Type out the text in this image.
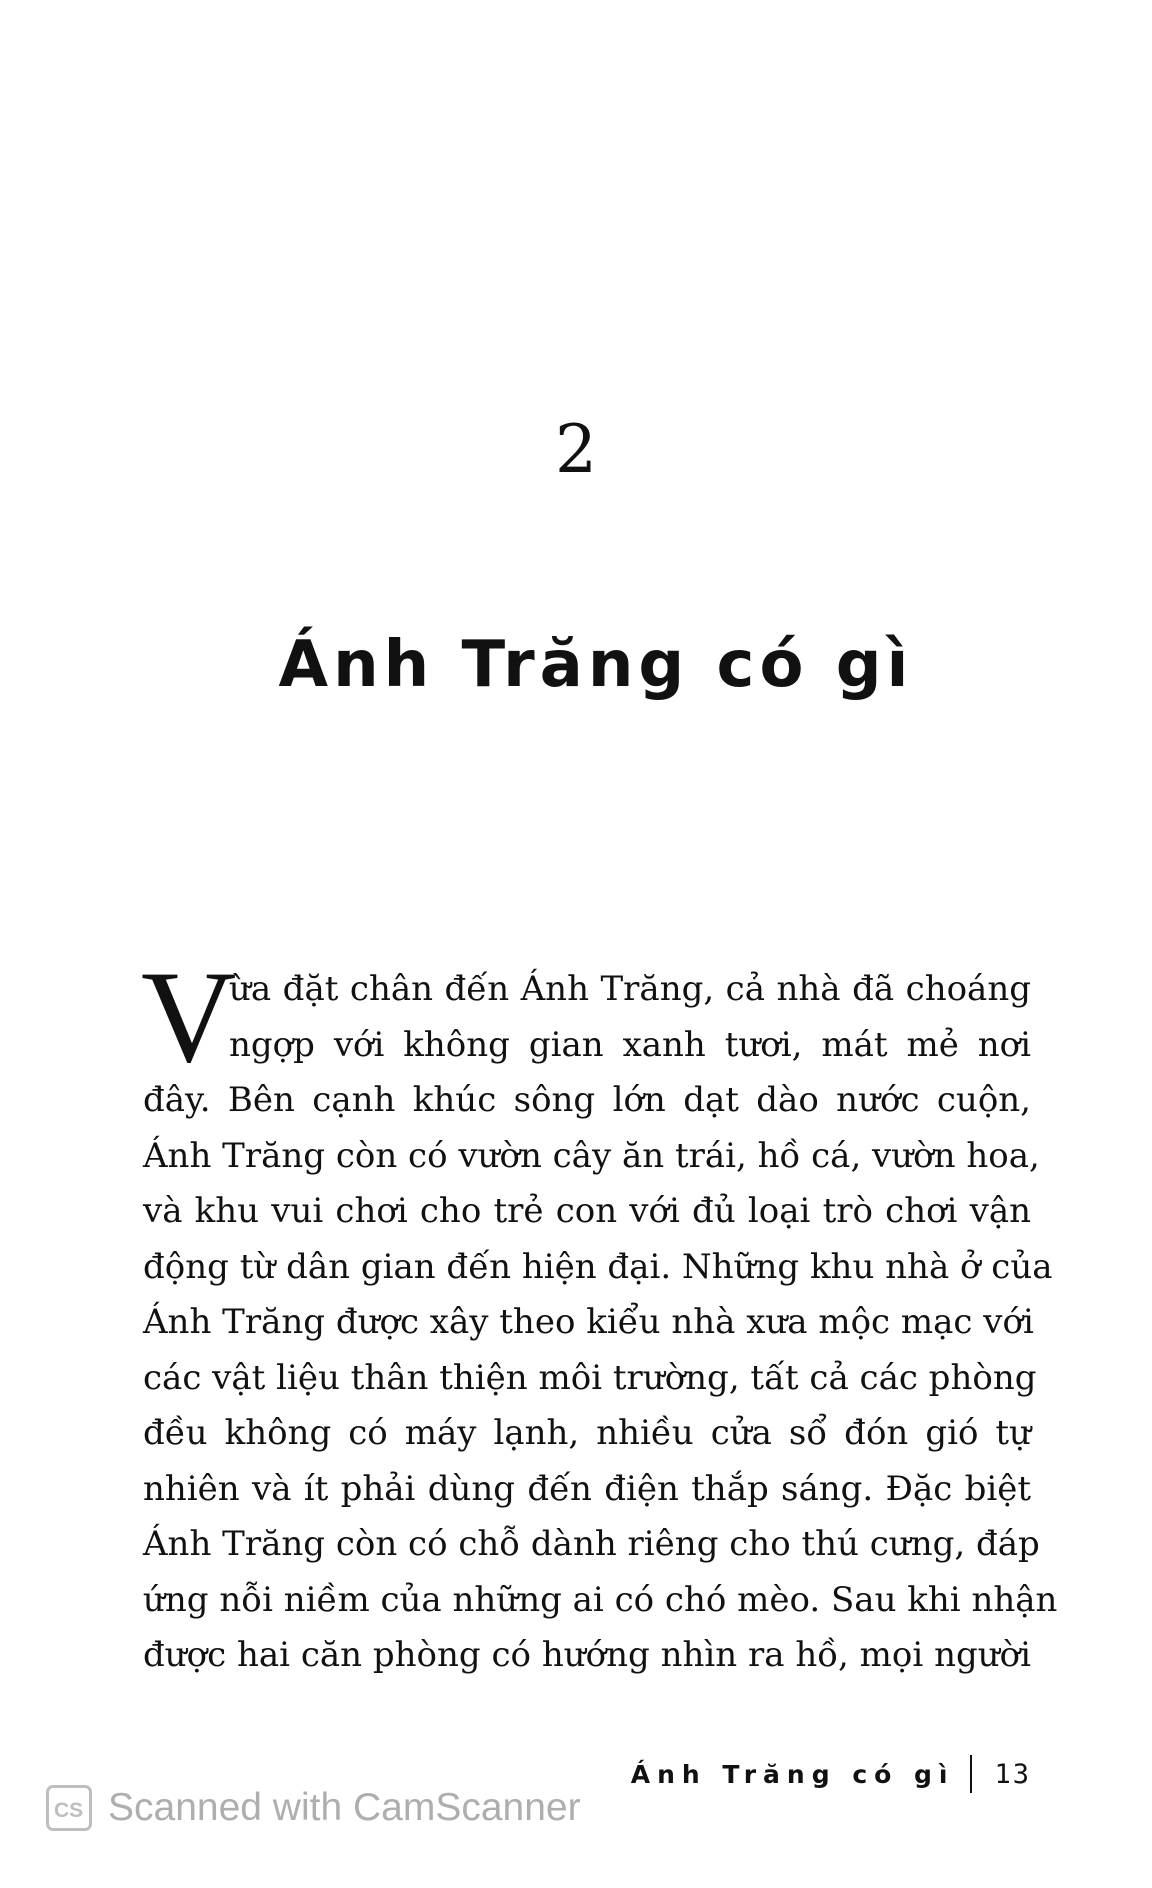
2
Ánh Trăng có gì
V
ừa đặt chân đến Ánh Trăng, cả nhà đã choáng
ngợp với không gian xanh tươi, mát mẻ nơi
đây. Bên cạnh khúc sông lớn dạt dào nước cuộn,
Ánh Trăng còn có vườn cây ăn trái, hồ cá, vườn hoa,
và khu vui chơi cho trẻ con với đủ loại trò chơi vận
động từ dân gian đến hiện đại. Những khu nhà ở của
Ánh Trăng được xây theo kiểu nhà xưa mộc mạc với
các vật liệu thân thiện môi trường, tất cả các phòng
đều không có máy lạnh, nhiều cửa sổ đón gió tự
nhiên và ít phải dùng đến điện thắp sáng. Đặc biệt
Ánh Trăng còn có chỗ dành riêng cho thú cưng, đáp
ứng nỗi niềm của những ai có chó mèo. Sau khi nhận
được hai căn phòng có hướng nhìn ra hồ, mọi người
Ánh Trăng có gì 13
CS Scanned with CamScanner
